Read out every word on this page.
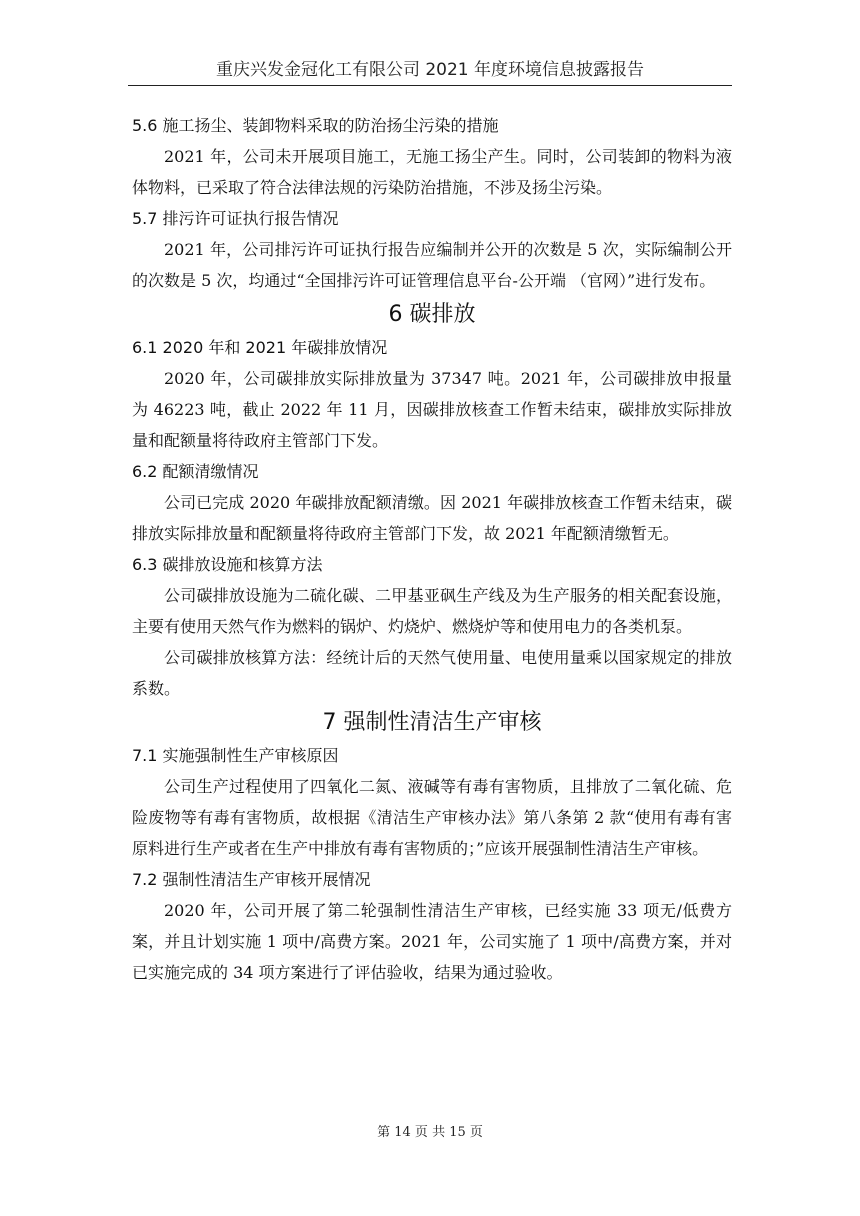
重庆兴发金冠化工有限公司 2021 年度环境信息披露报告
5.6 施工扬尘、装卸物料采取的防治扬尘污染的措施

2021 年，公司未开展项目施工，无施工扬尘产生。同时，公司装卸的物料为液体物料，已采取了符合法律法规的污染防治措施，不涉及扬尘污染。

5.7 排污许可证执行报告情况

2021 年，公司排污许可证执行报告应编制并公开的次数是 5 次，实际编制公开的次数是 5 次，均通过“全国排污许可证管理信息平台-公开端 （官网）”进行发布。

6 碳排放
6.1 2020 年和 2021 年碳排放情况

2020 年，公司碳排放实际排放量为 37347 吨。2021 年，公司碳排放申报量为 46223 吨，截止 2022 年 11 月，因碳排放核查工作暂未结束，碳排放实际排放量和配额量将待政府主管部门下发。

6.2 配额清缴情况

公司已完成 2020 年碳排放配额清缴。因 2021 年碳排放核查工作暂未结束，碳排放实际排放量和配额量将待政府主管部门下发，故 2021 年配额清缴暂无。

6.3 碳排放设施和核算方法

公司碳排放设施为二硫化碳、二甲基亚砜生产线及为生产服务的相关配套设施，主要有使用天然气作为燃料的锅炉、灼烧炉、燃烧炉等和使用电力的各类机泵。

公司碳排放核算方法：经统计后的天然气使用量、电使用量乘以国家规定的排放系数。

7 强制性清洁生产审核
7.1 实施强制性生产审核原因

公司生产过程使用了四氧化二氮、液碱等有毒有害物质，且排放了二氧化硫、危险废物等有毒有害物质，故根据《清洁生产审核办法》第八条第 2 款“使用有毒有害原料进行生产或者在生产中排放有毒有害物质的；”应该开展强制性清洁生产审核。

7.2 强制性清洁生产审核开展情况

2020 年，公司开展了第二轮强制性清洁生产审核，已经实施 33 项无/低费方案，并且计划实施 1 项中/高费方案。2021 年，公司实施了 1 项中/高费方案，并对已实施完成的 34 项方案进行了评估验收，结果为通过验收。

第 14 页 共 15 页
